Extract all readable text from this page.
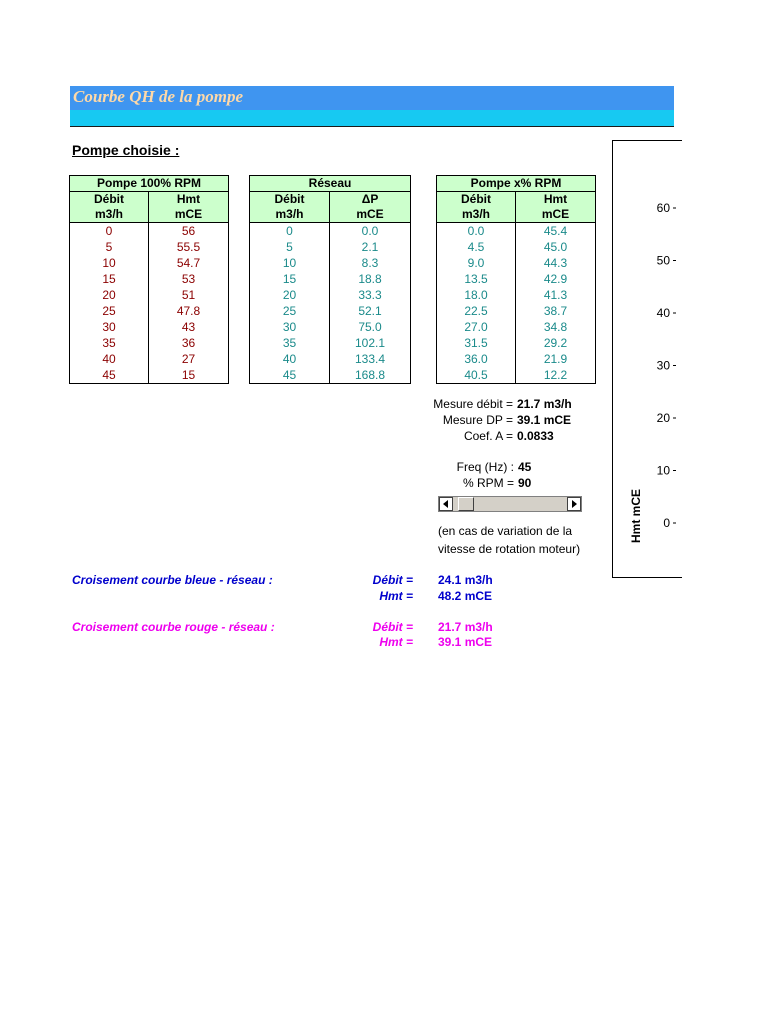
Courbe QH de la pompe
Pompe choisie :
Pompe 100% RPM	
Débit	Hmt
m3/h	mCE
0	56
5	55.5
10	54.7
15	53
20	51
25	47.8
30	43
35	36
40	27
45	15
Réseau	
Débit	ΔP
m3/h	mCE
0	0.0
5	2.1
10	8.3
15	18.8
20	33.3
25	52.1
30	75.0
35	102.1
40	133.4
45	168.8
Pompe x% RPM	
Débit	Hmt
m3/h	mCE
0.0	45.4
4.5	45.0
9.0	44.3
13.5	42.9
18.0	41.3
22.5	38.7
27.0	34.8
31.5	29.2
36.0	21.9
40.5	12.2
Mesure débit = 21.7 m3/h
Mesure DP = 39.1 mCE
Coef. A = 0.0833
Freq (Hz) : 45
% RPM = 90
(en cas de variation de la
vitesse de rotation moteur)
Croisement courbe bleue - réseau :	Débit = 24.1 m3/h
Hmt = 48.2 mCE
Croisement courbe rouge - réseau :	Débit = 21.7 m3/h
Hmt = 39.1 mCE
Hmt mCE
60
50
40
30
20
10
0
